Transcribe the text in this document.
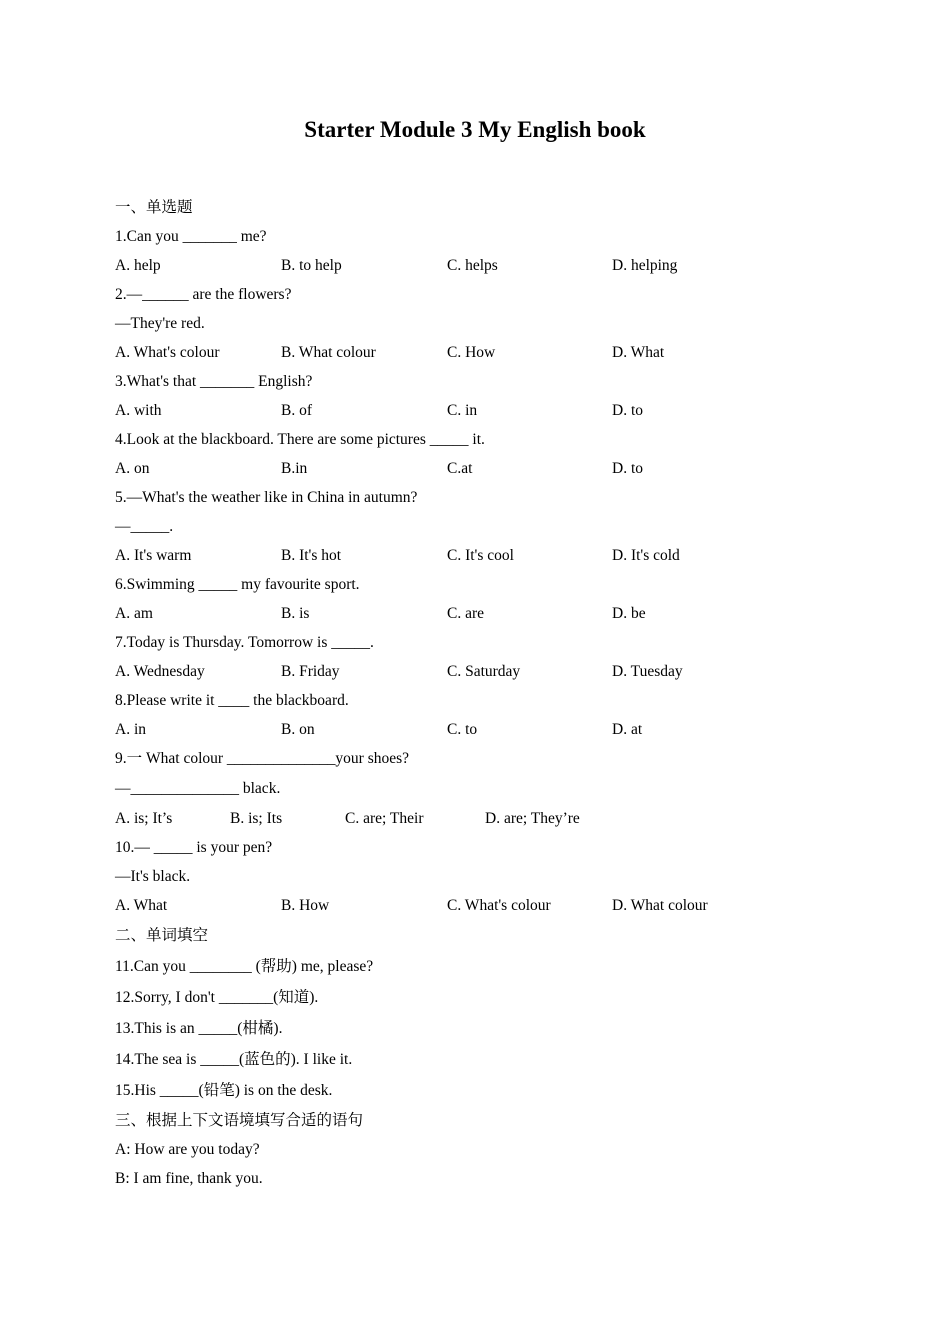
Starter Module 3 My English book
一、单选题
1.Can you _______ me?
A. help	B. to help	C. helps	D. helping
2.—______ are the flowers?
—They're red.
A. What's colour	B. What colour	C. How	D. What
3.What's that _______ English?
A. with	B. of	C. in	D. to
4.Look at the blackboard. There are some pictures _____ it.
A. on	B.in	C.at	D. to
5.—What's the weather like in China in autumn?
—_____.
A. It's warm	B. It's hot	C. It's cool	D. It's cold
6.Swimming _____ my favourite sport.
A. am	B. is	C. are	D. be
7.Today is Thursday. Tomorrow is _____.
A. Wednesday	B. Friday	C. Saturday	D. Tuesday
8.Please write it ____ the blackboard.
A. in	B. on	C. to	D. at
9.一 What colour ______________your shoes?
—______________ black.
A. is; It’s	B. is; Its	C. are; Their	D. are; They’re
10.— _____ is your pen?
—It's black.
A. What	B. How	C. What's colour	D. What colour
二、单词填空
11.Can you ________ (帮助) me, please?
12.Sorry, I don't _______(知道).
13.This is an _____(柑橘).
14.The sea is _____(蓝色的). I like it.
15.His _____(铅笔) is on the desk.
三、根据上下文语境填写合适的语句
A: How are you today?
B: I am fine, thank you.
